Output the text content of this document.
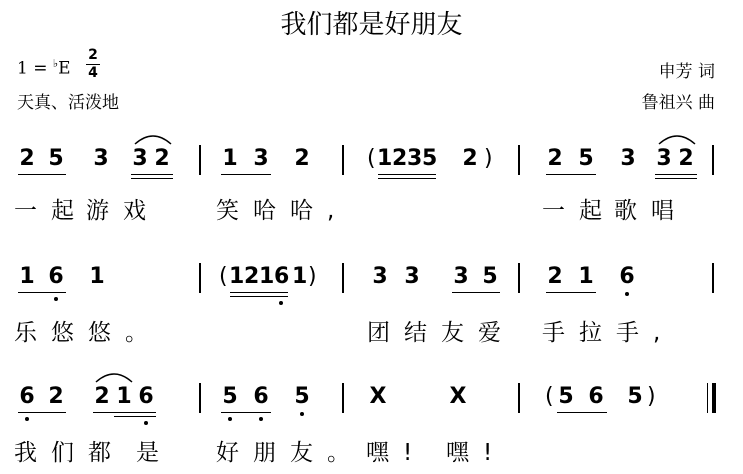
我们都是好朋友
1 = ♭E
2
4
天真、活泼地
申芳 词
鲁祖兴 曲
2 5 3 3 2 1 3 2	( 1 2 3 5 2 ) 2 5 3 3 2
一起
游戏 笑哈哈,	一起
歌唱
1 6 1	( 1 2 1 6 1 )	3 3 3 5 2 1 6
乐悠悠。	团结友爱 手拉手,
6 2 2 1 6	5 6 5	X	X	( 5 6 5 )
我们都 是 好朋友。 嘿! 嘿!
